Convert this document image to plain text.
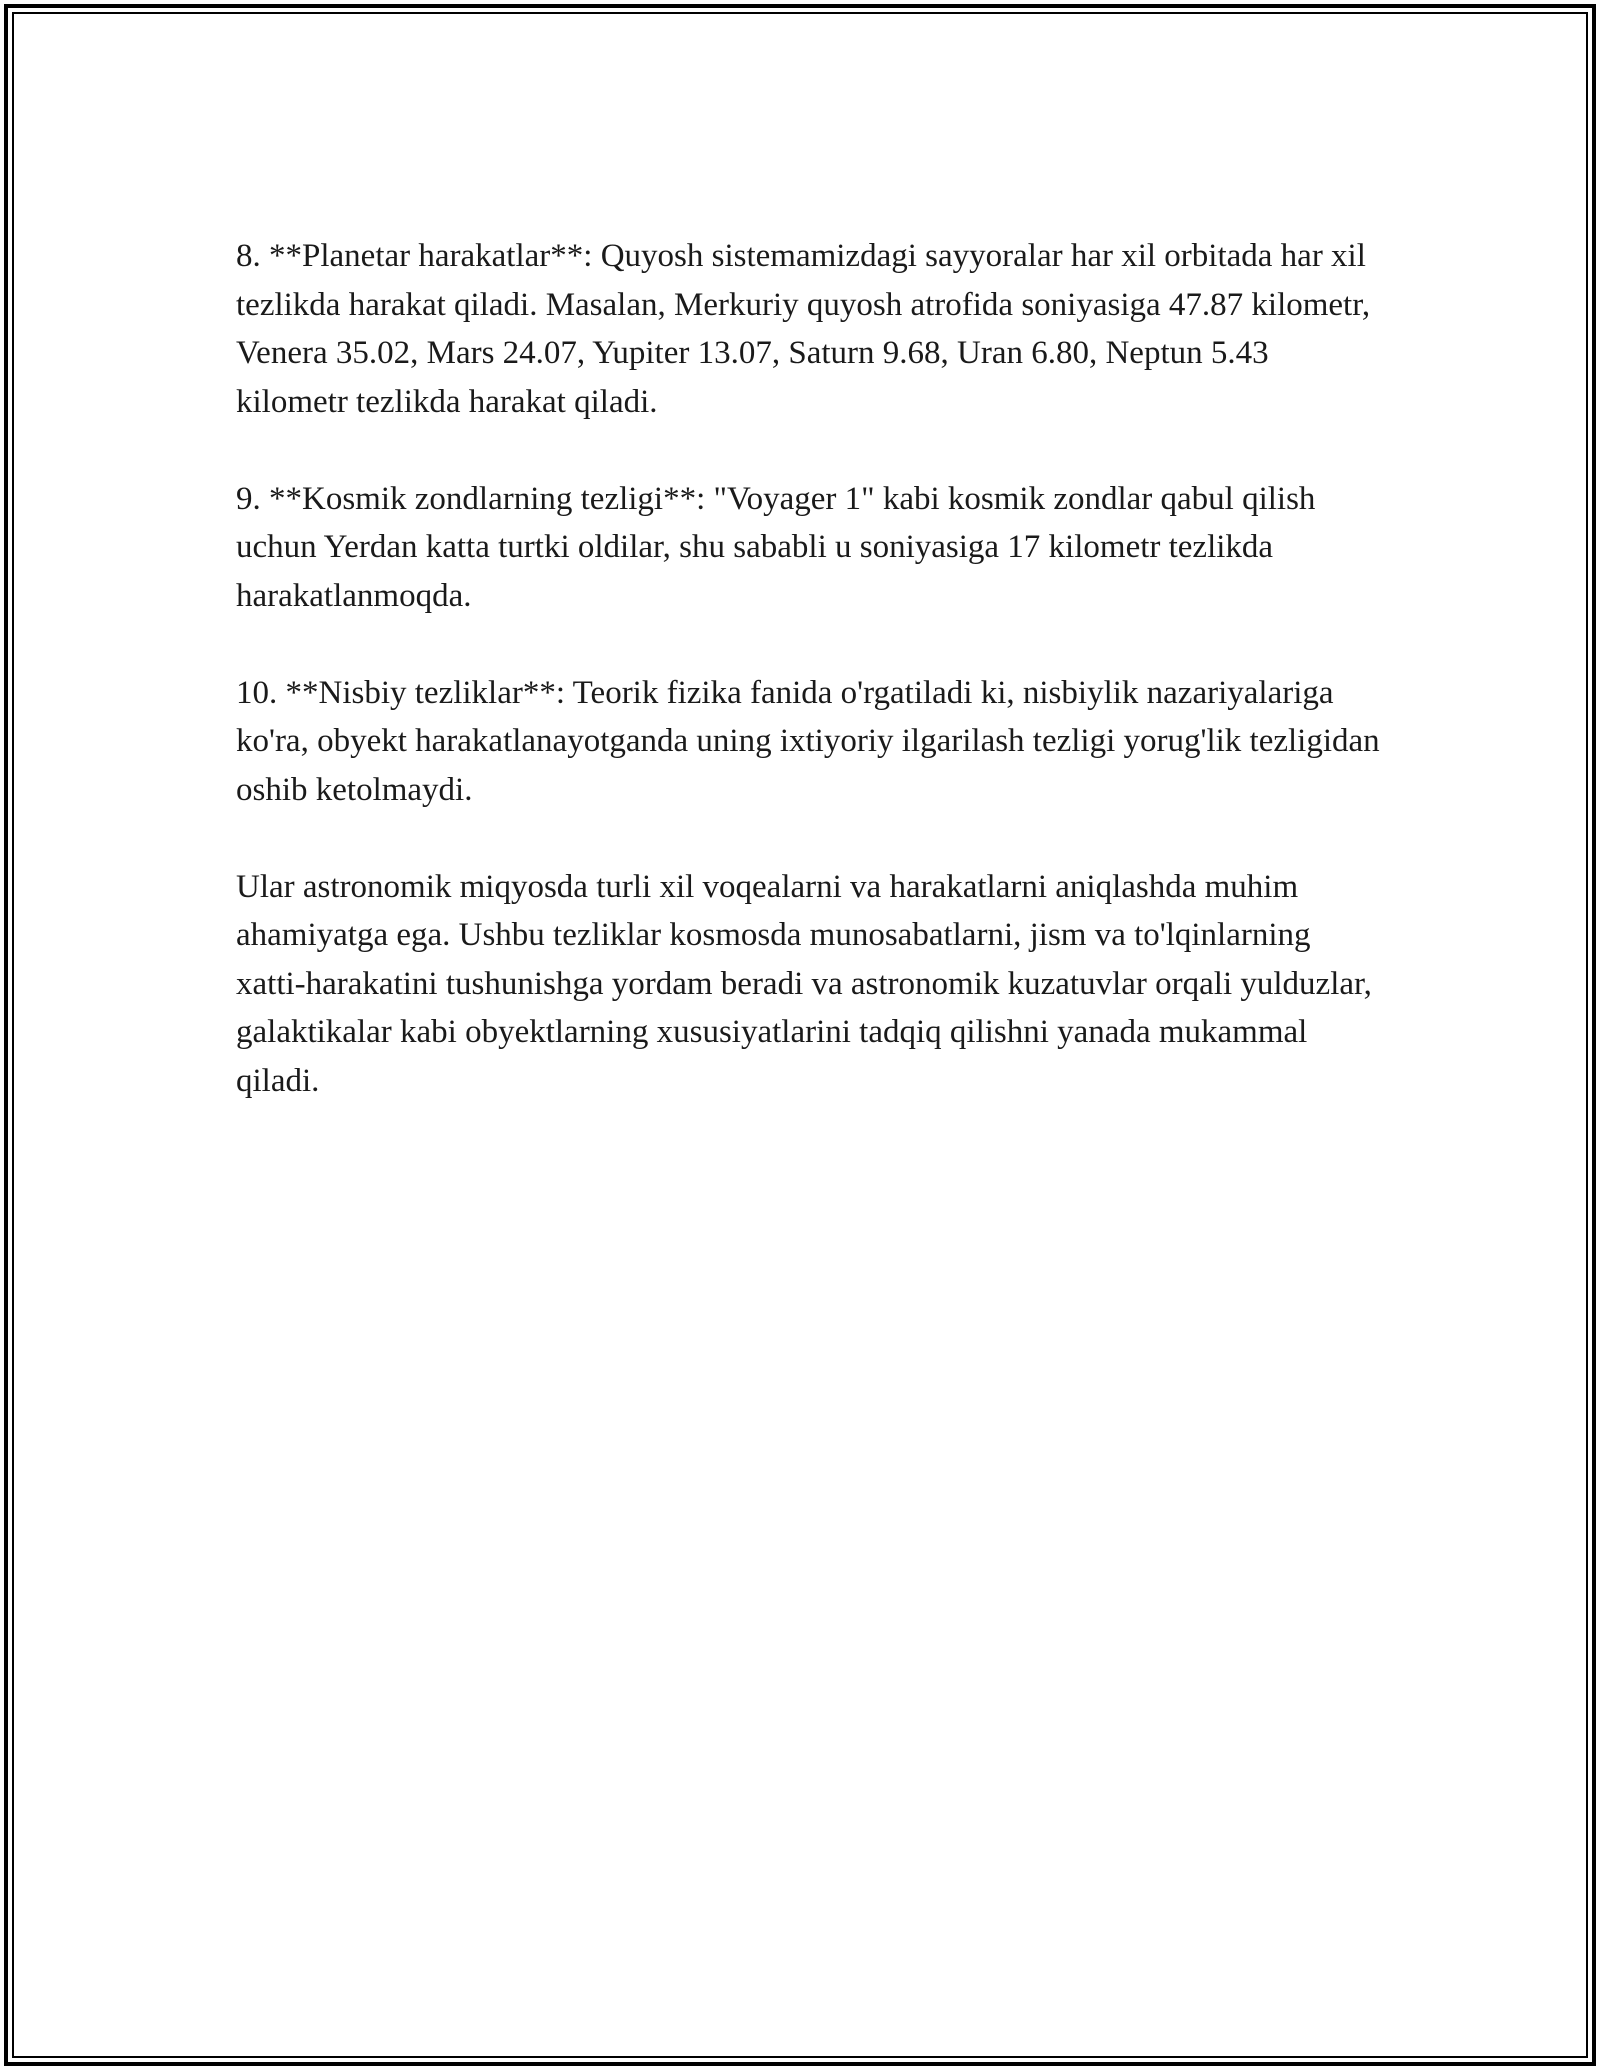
8. **Planetar harakatlar**: Quyosh sistemamizdagi sayyoralar har xil orbitada har xil tezlikda harakat qiladi. Masalan, Merkuriy quyosh atrofida soniyasiga 47.87 kilometr, Venera 35.02, Mars 24.07, Yupiter 13.07, Saturn 9.68, Uran 6.80, Neptun 5.43 kilometr tezlikda harakat qiladi.

9. **Kosmik zondlarning tezligi**: "Voyager 1" kabi kosmik zondlar qabul qilish uchun Yerdan katta turtki oldilar, shu sababli u soniyasiga 17 kilometr tezlikda harakatlanmoqda.

10. **Nisbiy tezliklar**: Teorik fizika fanida o'rgatiladi ki, nisbiylik nazariyalariga ko'ra, obyekt harakatlanayotganda uning ixtiyoriy ilgarilash tezligi yorug'lik tezligidan oshib ketolmaydi.

Ular astronomik miqyosda turli xil voqealarni va harakatlarni aniqlashda muhim ahamiyatga ega. Ushbu tezliklar kosmosda munosabatlarni, jism va to'lqinlarning xatti-harakatini tushunishga yordam beradi va astronomik kuzatuvlar orqali yulduzlar, galaktikalar kabi obyektlarning xususiyatlarini tadqiq qilishni yanada mukammal qiladi.
